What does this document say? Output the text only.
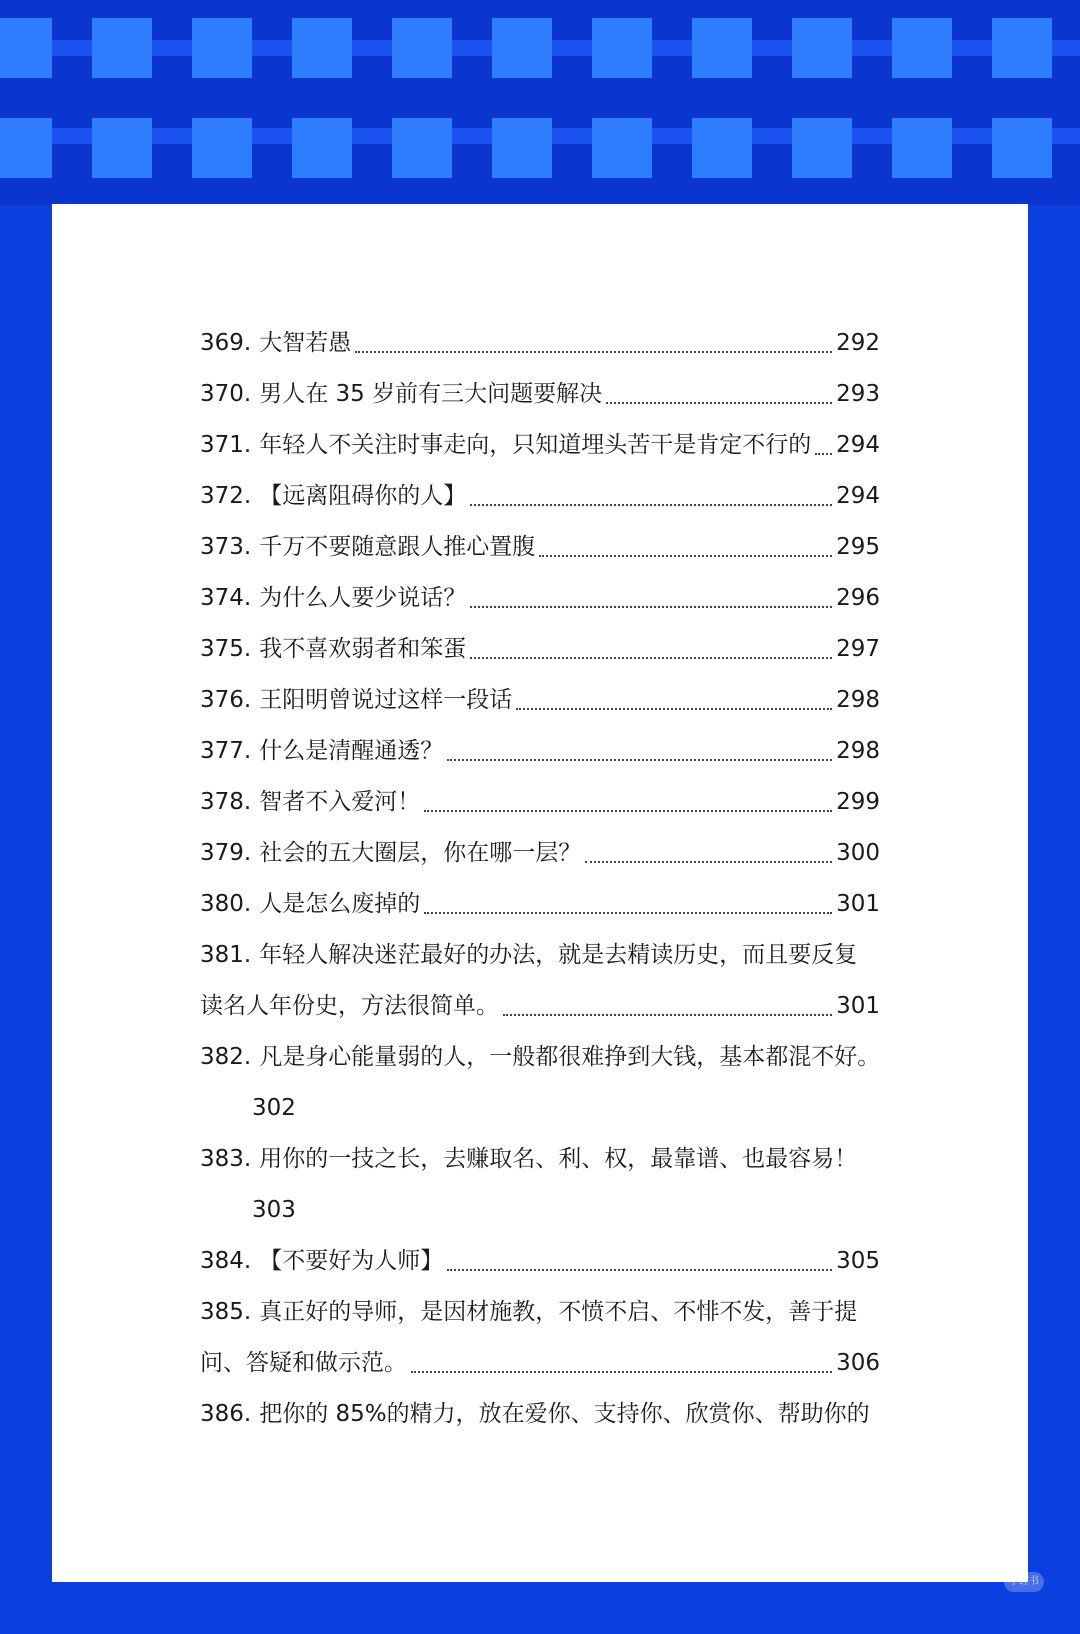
369. 大智若愚	292
370. 男人在 35 岁前有三大问题要解决	293
371. 年轻人不关注时事走向，只知道埋头苦干是肯定不行的 294
372. 【远离阻碍你的人】	294
373. 千万不要随意跟人推心置腹	295
374. 为什么人要少说话？	296
375. 我不喜欢弱者和笨蛋	297
376. 王阳明曾说过这样一段话	298
377. 什么是清醒通透？	298
378. 智者不入爱河！	299
379. 社会的五大圈层，你在哪一层？	300
380. 人是怎么废掉的	301
381. 年轻人解决迷茫最好的办法，就是去精读历史，而且要反复
读名人年份史，方法很简单。	301
382. 凡是身心能量弱的人，一般都很难挣到大钱，基本都混不好。
302
383. 用你的一技之长，去赚取名、利、权，最靠谱、也最容易！
303
384. 【不要好为人师】	305
385. 真正好的导师，是因材施教，不愤不启、不悱不发，善于提
问、答疑和做示范。	306
386. 把你的 85%的精力，放在爱你、支持你、欣赏你、帮助你的
小红书
